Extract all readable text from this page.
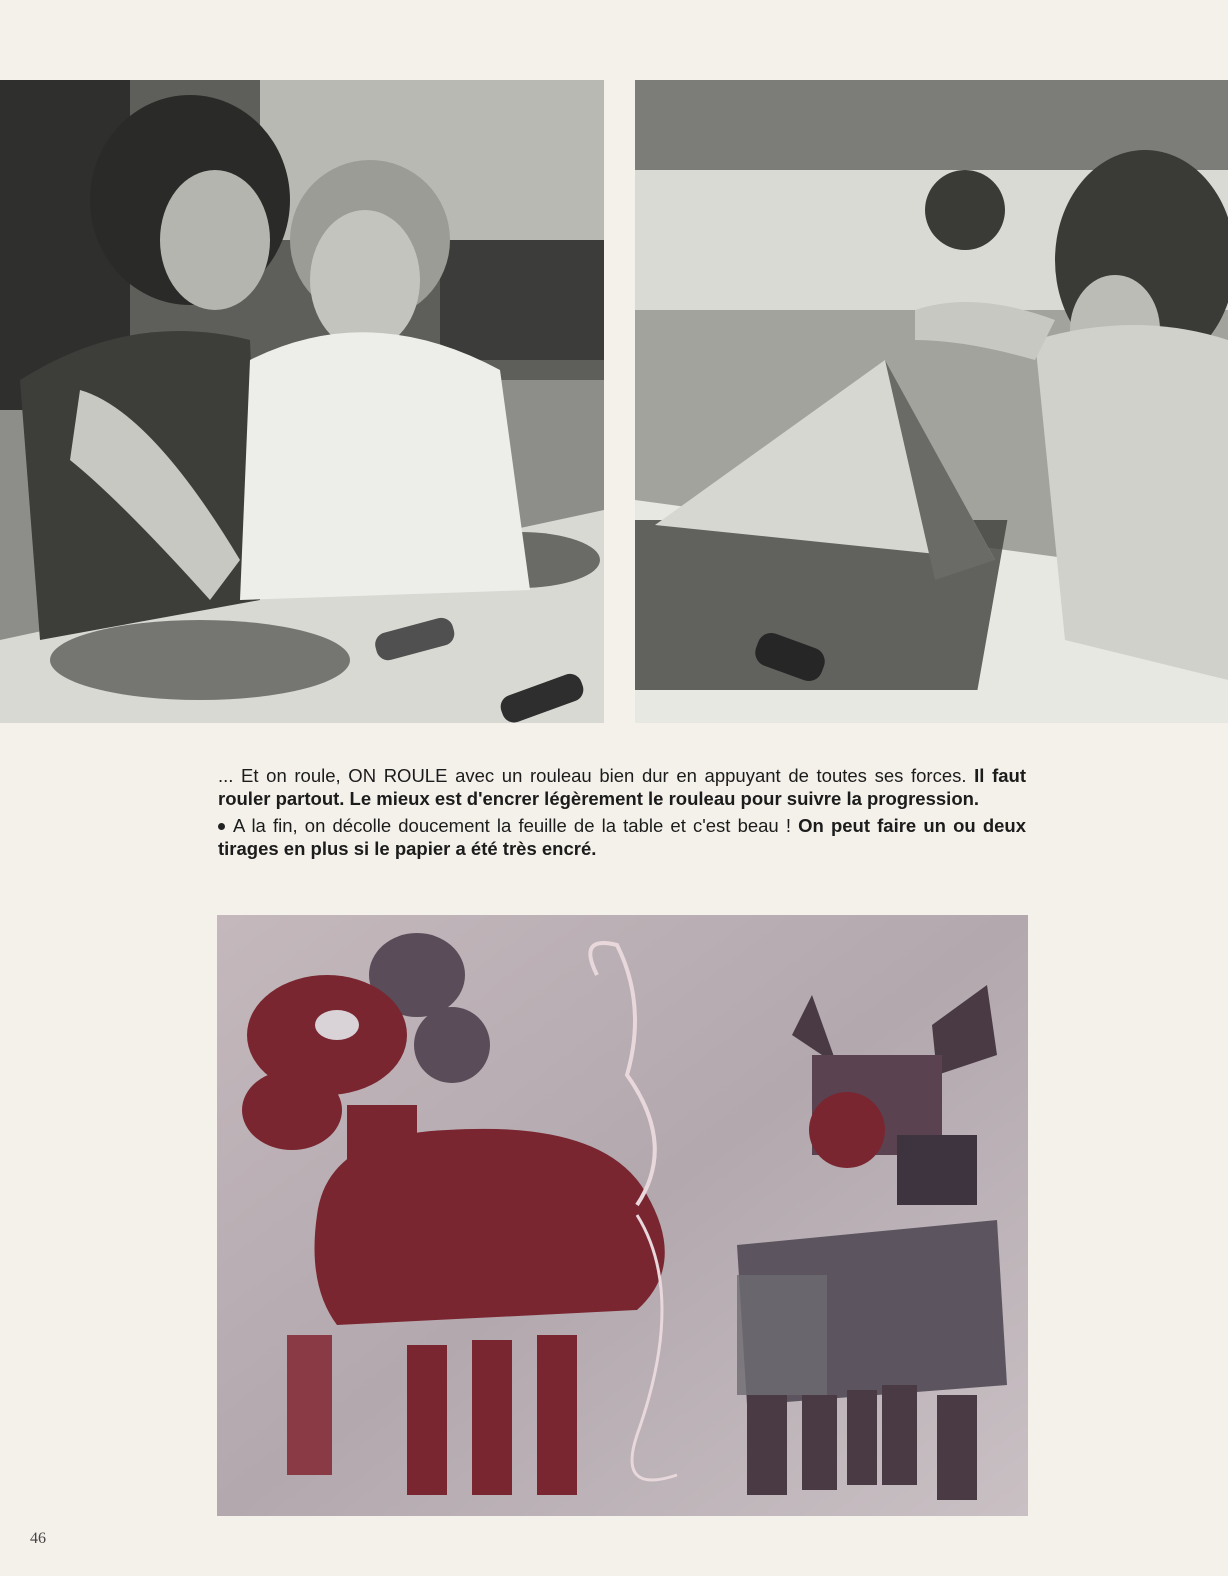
... Et on roule, ON ROULE avec un rouleau bien dur en appuyant de toutes ses forces. Il faut rouler partout. Le mieux est d'encrer légèrement le rouleau pour suivre la progression.

A la fin, on décolle doucement la feuille de la table et c'est beau ! On peut faire un ou deux tirages en plus si le papier a été très encré.

46
